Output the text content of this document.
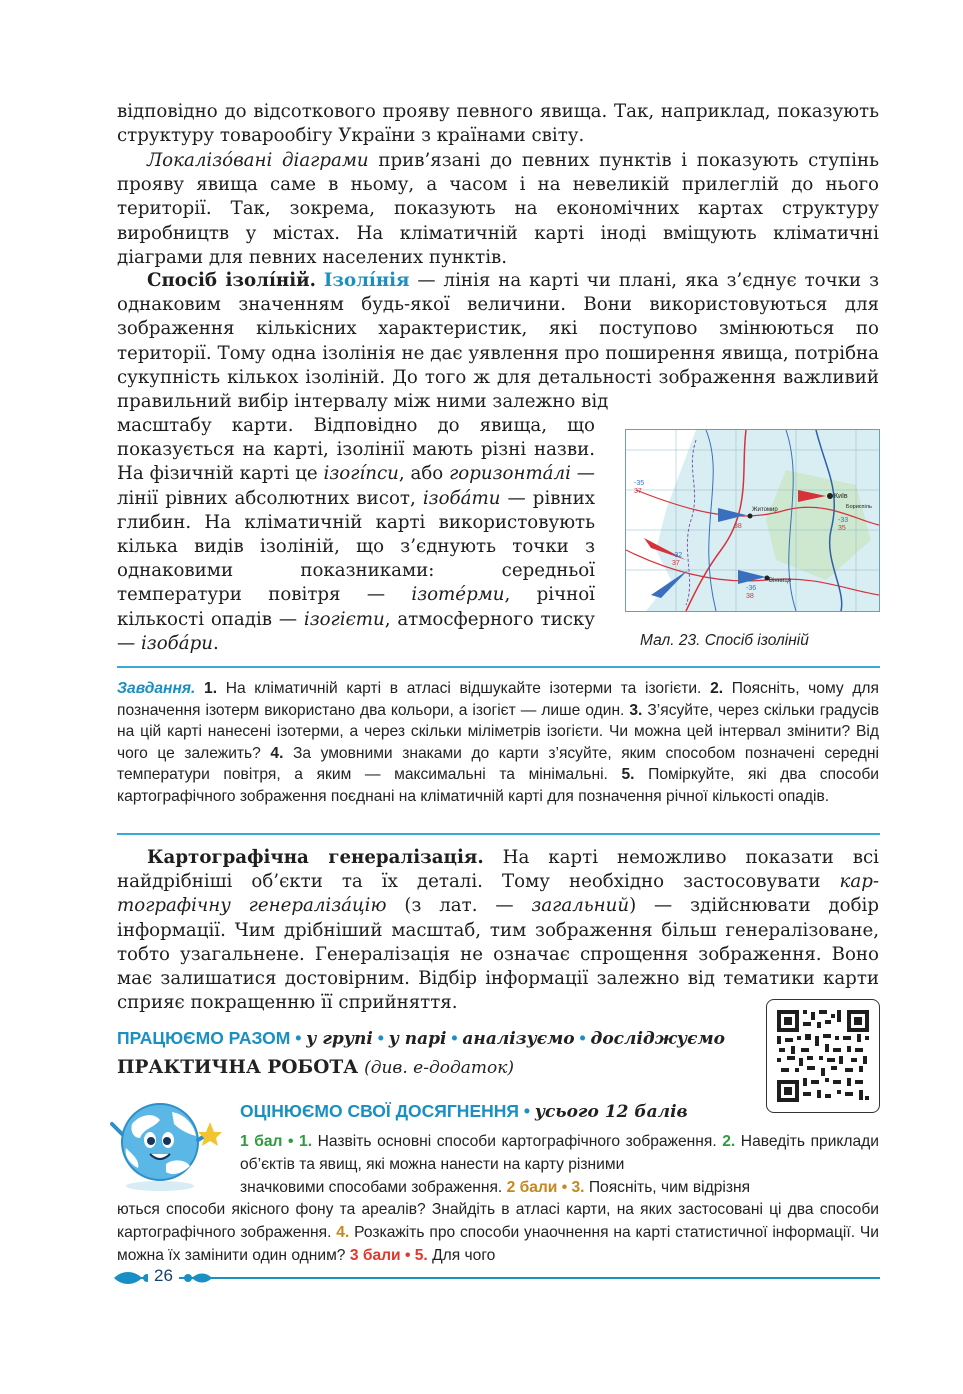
відповідно до відсоткового прояву певного явища. Так, наприклад, показують структуру товарообігу України з країнами світу.

Локалізóвані діаграми прив’язані до певних пунктів і показують ступінь прояву явища саме в ньому, а часом і на невеликій прилеглій до нього території. Так, зокрема, показують на економічних картах структуру виробництв у містах. На кліматичній карті іноді вміщують кліматичні діаграми для певних населених пунктів.

Спосіб ізолíній. Ізолíнія — лінія на карті чи плані, яка з’єднує точки з однаковим значенням будь-якої величини. Вони використовуються для зображення кількісних характеристик, які поступово змінюються по території. Тому одна ізолінія не дає уявлення про поширення явища, потрібна сукупність кількох ізоліній. До того ж для детальності зображення важливий правильний вибір інтервалу між ними залежно від

масштабу карти. Відповідно до явища, що показується на карті, ізолінії мають різні назви. На фізичній карті це ізогíпси, або горизонтáлі — лінії рівних абсолютних висот, ізобáти — рівних глибин. На кліматичній карті використовують кілька видів ізоліній, що з’єднують точки з однаковими показниками: середньої температури повітря — ізотéрми, річної кількості опадів — ізогієти, атмосферного тиску — ізобáри.

Київ
Житомир
Вінниця
Бориспіль
-35
37
-33
35
38
-32
37
-36
38
Мал. 23. Спосіб ізоліній

Завдання. 1. На кліматичній карті в атласі відшукайте ізотерми та ізогієти. 2. Поясніть, чому для позначення ізотерм використано два кольори, а ізогієт — лише один. 3. З’ясуйте, через скільки градусів на цій карті нанесені ізотерми, а через скільки міліметрів ізогієти. Чи можна цей інтервал змінити? Від чого це залежить? 4. За умовними знаками до карти з’ясуйте, яким способом позначені середні температури повітря, а яким — максимальні та мінімальні. 5. Поміркуйте, які два способи картографічного зображення поєднані на кліматичній карті для позначення річної кількості опадів.

Картографічна генералізація. На карті неможливо показати всі найдрібніші об’єкти та їх деталі. Тому необхідно застосовувати картографічну генералізáцію (з лат. — загальний) — здійснювати добір інформації. Чим дрібніший масштаб, тим зображення більш генералізоване, тобто узагальнене. Генералізація не означає спрощення зображення. Воно має залишатися достовірним. Відбір інформації залежно від тематики карти сприяє покращенню її сприйняття.

ПРАЦЮЄМО РАЗОМ • у групі • у парі • аналізуємо • досліджуємо
ПРАКТИЧНА РОБОТА (див. е-додаток)
ОЦІНЮЄМО СВОЇ ДОСЯГНЕННЯ • усього 12 балів
1 бал • 1. Назвіть основні способи картографічного зображення. 2. Наведіть приклади об’єктів та явищ, які можна нанести на карту різними
значковими способами зображення. 2 бали • 3. Поясніть, чим відрізня
ються способи якісного фону та ареалів? Знайдіть в атласі карти, на яких застосовані ці два способи картографічного зображення. 4. Розкажіть про способи унаочнення на карті статистичної інформації. Чи можна їх замінити один одним? 3 бали • 5. Для чого
26
